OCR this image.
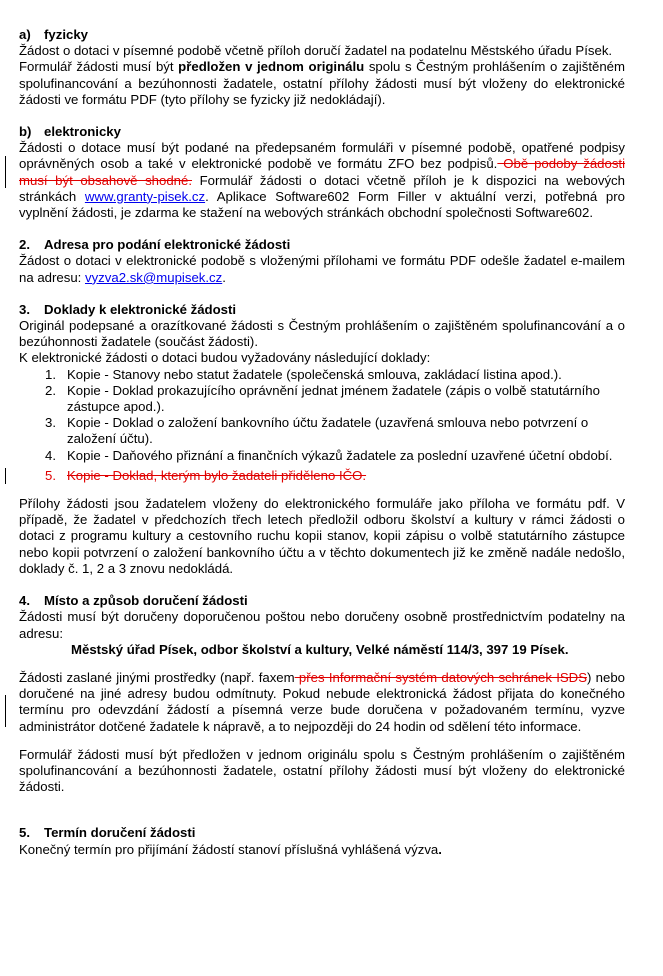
a) fyzicky

Žádost o dotaci v písemné podobě včetně příloh doručí žadatel na podatelnu Městského úřadu Písek.

Formulář žádosti musí být předložen v jednom originálu spolu s Čestným prohlášením o zajištěném spolufinancování a bezúhonnosti žadatele, ostatní přílohy žádosti musí být vloženy do elektronické žádosti ve formátu PDF (tyto přílohy se fyzicky již nedokládají).

b) elektronicky

Žádosti o dotace musí být podané na předepsaném formuláři v písemné podobě, opatřené podpisy oprávněných osob a také v elektronické podobě ve formátu ZFO bez podpisů. Obě podoby žádosti musí být obsahově shodné. Formulář žádosti o dotaci včetně příloh je k dispozici na webových stránkách www.granty-pisek.cz. Aplikace Software602 Form Filler v aktuální verzi, potřebná pro vyplnění žádosti, je zdarma ke stažení na webových stránkách obchodní společnosti Software602.

2. Adresa pro podání elektronické žádosti

Žádost o dotaci v elektronické podobě s vloženými přílohami ve formátu PDF odešle žadatel e-mailem na adresu: vyzva2.sk@mupisek.cz.

3. Doklady k elektronické žádosti

Originál podepsané a orazítkované žádosti s Čestným prohlášením o zajištěném spolufinancování a o bezúhonnosti žadatele (součást žádosti).

K elektronické žádosti o dotaci budou vyžadovány následující doklady:

1. Kopie - Stanovy nebo statut žadatele (společenská smlouva, zakládací listina apod.).
2. Kopie - Doklad prokazujícího oprávnění jednat jménem žadatele (zápis o volbě statutárního zástupce apod.).
3. Kopie - Doklad o založení bankovního účtu žadatele (uzavřená smlouva nebo potvrzení o založení účtu).
4. Kopie - Daňového přiznání a finančních výkazů žadatele za poslední uzavřené účetní období.
5. Kopie - Doklad, kterým bylo žadateli přiděleno IČO.

Přílohy žádosti jsou žadatelem vloženy do elektronického formuláře jako příloha ve formátu pdf. V případě, že žadatel v předchozích třech letech předložil odboru školství a kultury v rámci žádosti o dotaci z programu kultury a cestovního ruchu kopii stanov, kopii zápisu o volbě statutárního zástupce nebo kopii potvrzení o založení bankovního účtu a v těchto dokumentech již ke změně nadále nedošlo, doklady č. 1, 2 a 3 znovu nedokládá.

4. Místo a způsob doručení žádosti

Žádosti musí být doručeny doporučenou poštou nebo doručeny osobně prostřednictvím podatelny na adresu:

Městský úřad Písek, odbor školství a kultury, Velké náměstí 114/3, 397 19 Písek.

Žádosti zaslané jinými prostředky (např. faxem přes Informační systém datových schránek ISDS) nebo doručené na jiné adresy budou odmítnuty. Pokud nebude elektronická žádost přijata do konečného termínu pro odevzdání žádostí a písemná verze bude doručena v požadovaném termínu, vyzve administrátor dotčené žadatele k nápravě, a to nejpozději do 24 hodin od sdělení této informace.

Formulář žádosti musí být předložen v jednom originálu spolu s Čestným prohlášením o zajištěném spolufinancování a bezúhonnosti žadatele, ostatní přílohy žádosti musí být vloženy do elektronické žádosti.

5. Termín doručení žádosti

Konečný termín pro přijímání žádostí stanoví příslušná vyhlášená výzva.
